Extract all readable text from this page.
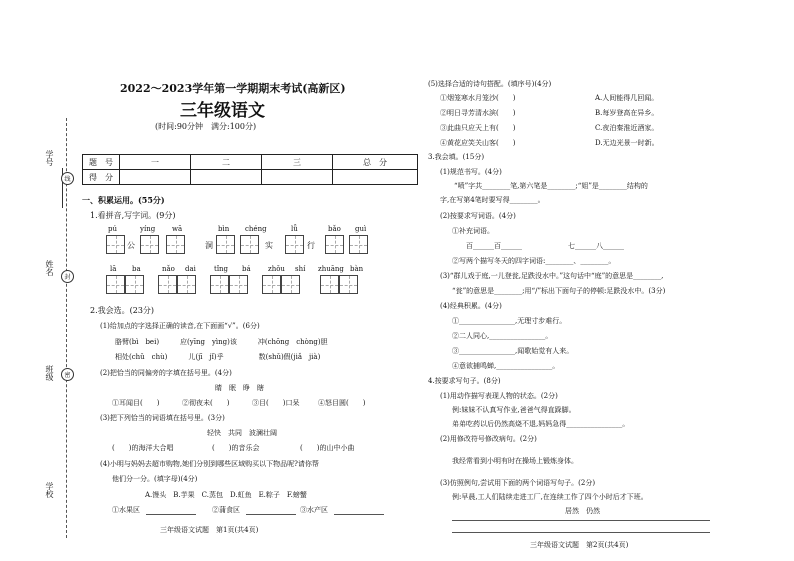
学号
姓名
班级
学校
线
封
密
2022～2023学年第一学期期末考试(高新区)
三年级语文
(时间:90分钟　满分:100分)
题　号	一	二	三	总　分
得　分				
一、积累运用。(55分)
1.看拼音,写字词。(9分)
pú	yíng wā	bìn chéng	lǚ	bǎo guì
公	洞	实	行
lā ba	nǎo dai	tǐng bá zhǒu shí zhuāng bàn
2.我会选。(23分)
(1)给加点的字选择正确的读音,在下面画“√”。(6分)
胳臂(bì　bei)　　　应(yīng　yìng)该　　　冲(chōng　chòng)胆
相处(chǔ　chù)　　　儿(jī　jǐ)乎　　　　　数(shǔ)假(jiǎ　jià)
(2)把恰当的同偏旁的字填在括号里。(4分)
睛　眠　睁　瞎
①耳闻目(　　)	②彻夜未(　　)	③目(　　)口呆	④怒目圆(　　)
(3)把下列恰当的词语填在括号里。(3分)
轻快　共同　波澜壮阔
(　　)的海洋大合唱	(　　)的音乐会	(　　)的山中小曲
(4)小明与妈妈去超市购物,她们分别到哪些区域购买以下物品呢?请你帮
他们分一分。(填字母)(4分)
A.馒头　B.芋果　C.蒸包　D.虹鱼　E.粽子　F.螃蟹
①水果区	②蒲食区	③水产区
三年级语文试题　第1页(共4页)
(5)选择合适的诗句搭配。(填序号)(4分)
①烟笼寒水月笼沙(　　)
②明日寻芳清水滨(　　)
③此曲只应天上有(　　)
④黄花应笑关山客(　　)
A.人间能得几回闻。
B.每岁登高在异乡。
C.夜泊秦淮近酒家。
D.无边光景一时新。
3.我会填。(15分)
(1)规范书写。(4分)
“喷”字共________笔,第六笔是________;“姐”是________结构的
字,在写第4笔时要写得________。
(2)按要求写词语。(4分)
①补充词语。
百______百______	七______八______
②写两个描写冬天的四字词语:________、________。
(3)“群儿戏于庭,一儿登瓮,足跌没水中。”这句话中“庭”的意思是________,
“瓮”的意思是________;用“/”标出下面句子的停顿:足跌没水中。(3分)
(4)经典积累。(4分)
①________________,无理寸步难行。
②二人同心,________________。
③________________,闻歌始觉有人来。
④意欲捕鸣蝉,________________。
4.按要求写句子。(8分)
(1)用动作描写表现人物的状态。(2分)
例:妹妹不认真写作业,爸爸气得直跺脚。
弟弟吃药以后仍然高烧不退,妈妈急得________________。
(2)用修改符号修改病句。(2分)
我经常看到小明有时在操场上锻炼身体。
(3)仿照例句,尝试用下面的两个词语写句子。(2分)
例:早晨,工人们陆续走进工厂,在连续工作了四个小时后才下班。
居然　仍然
三年级语文试题　第2页(共4页)
